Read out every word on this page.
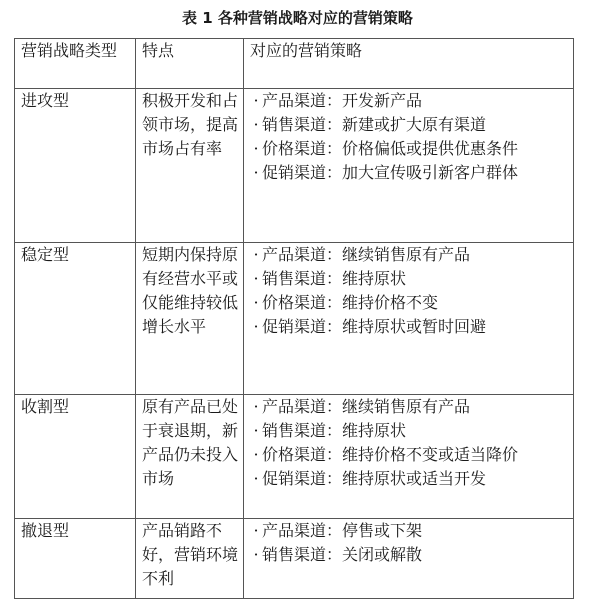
表 1 各种营销战略对应的营销策略
营销战略类型	特点	对应的营销策略
进攻型	积极开发和占领市场，提高市场占有率	· 产品渠道：开发新产品
· 销售渠道：新建或扩大原有渠道
· 价格渠道：价格偏低或提供优惠条件
· 促销渠道：加大宣传吸引新客户群体

稳定型	短期内保持原有经营水平或仅能维持较低增长水平	· 产品渠道：继续销售原有产品
· 销售渠道：维持原状
· 价格渠道：维持价格不变
· 促销渠道：维持原状或暂时回避

收割型	原有产品已处于衰退期，新产品仍未投入市场	· 产品渠道：继续销售原有产品
· 销售渠道：维持原状
· 价格渠道：维持价格不变或适当降价
· 促销渠道：维持原状或适当开发

撤退型	产品销路不好，营销环境不利	· 产品渠道：停售或下架
· 销售渠道：关闭或解散
